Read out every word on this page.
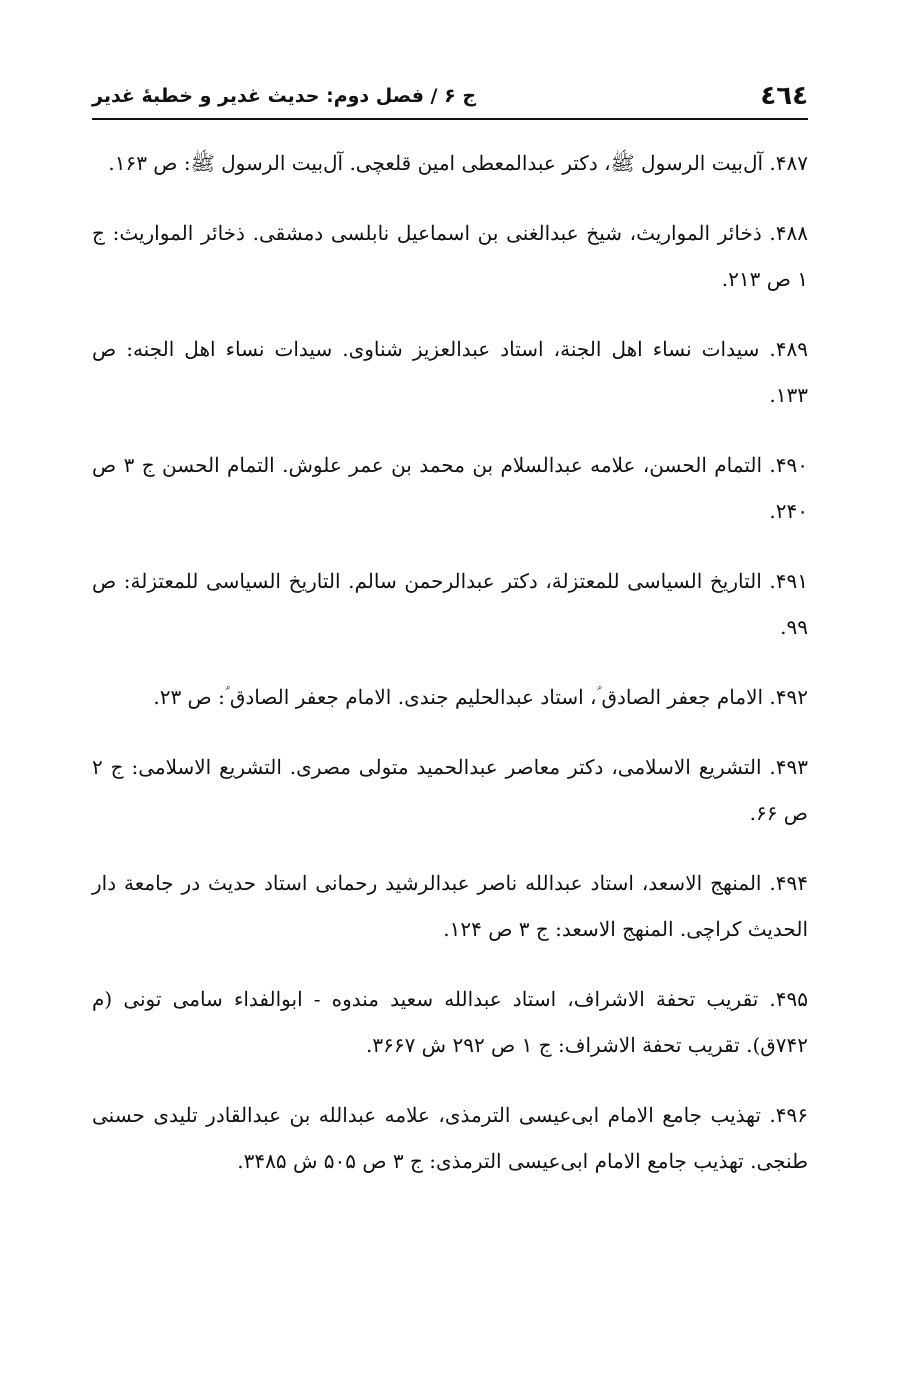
٤٦٤
ج ۶ / فصل دوم: حدیث غدیر و خطبهٔ غدیر
۴۸۷. آل‌بیت الرسول ﷺ، دکتر عبدالمعطی امین قلعچی. آل‌بیت الرسول ﷺ: ص ۱۶۳.
۴۸۸. ذخائر المواریث، شیخ عبدالغنی بن اسماعیل نابلسی دمشقی. ذخائر المواریث: ج ۱ ص ۲۱۳.
۴۸۹. سیدات نساء اهل الجنة، استاد عبدالعزیز شناوی. سیدات نساء اهل الجنه: ص ۱۳۳.
۴۹۰. التمام الحسن، علامه عبدالسلام بن محمد بن عمر علوش. التمام الحسن ج ۳ ص ۲۴۰.
۴۹۱. التاریخ السیاسی للمعتزلة، دکتر عبدالرحمن سالم. التاریخ السیاسی للمعتزلة: ص ۹۹.
۴۹۲. الامام جعفر الصادق ؑ، استاد عبدالحلیم جندی. الامام جعفر الصادق ؑ: ص ۲۳.
۴۹۳. التشریع الاسلامی، دکتر معاصر عبدالحمید متولی مصری. التشریع الاسلامی: ج ۲ ص ۶۶.
۴۹۴. المنهج الاسعد، استاد عبدالله ناصر عبدالرشید رحمانی استاد حدیث در جامعة دار الحدیث کراچی. المنهج الاسعد: ج ۳ ص ۱۲۴.
۴۹۵. تقریب تحفة الاشراف، استاد عبدالله سعید مندوه - ابوالفداء سامی تونی (م ۷۴۲ق). تقریب تحفة الاشراف: ج ۱ ص ۲۹۲ ش ۳۶۶۷.
۴۹۶. تهذیب جامع الامام ابی‌عیسی الترمذی، علامه عبدالله بن عبدالقادر تلیدی حسنی طنجی. تهذیب جامع الامام ابی‌عیسی الترمذی: ج ۳ ص ۵۰۵ ش ۳۴۸۵.
